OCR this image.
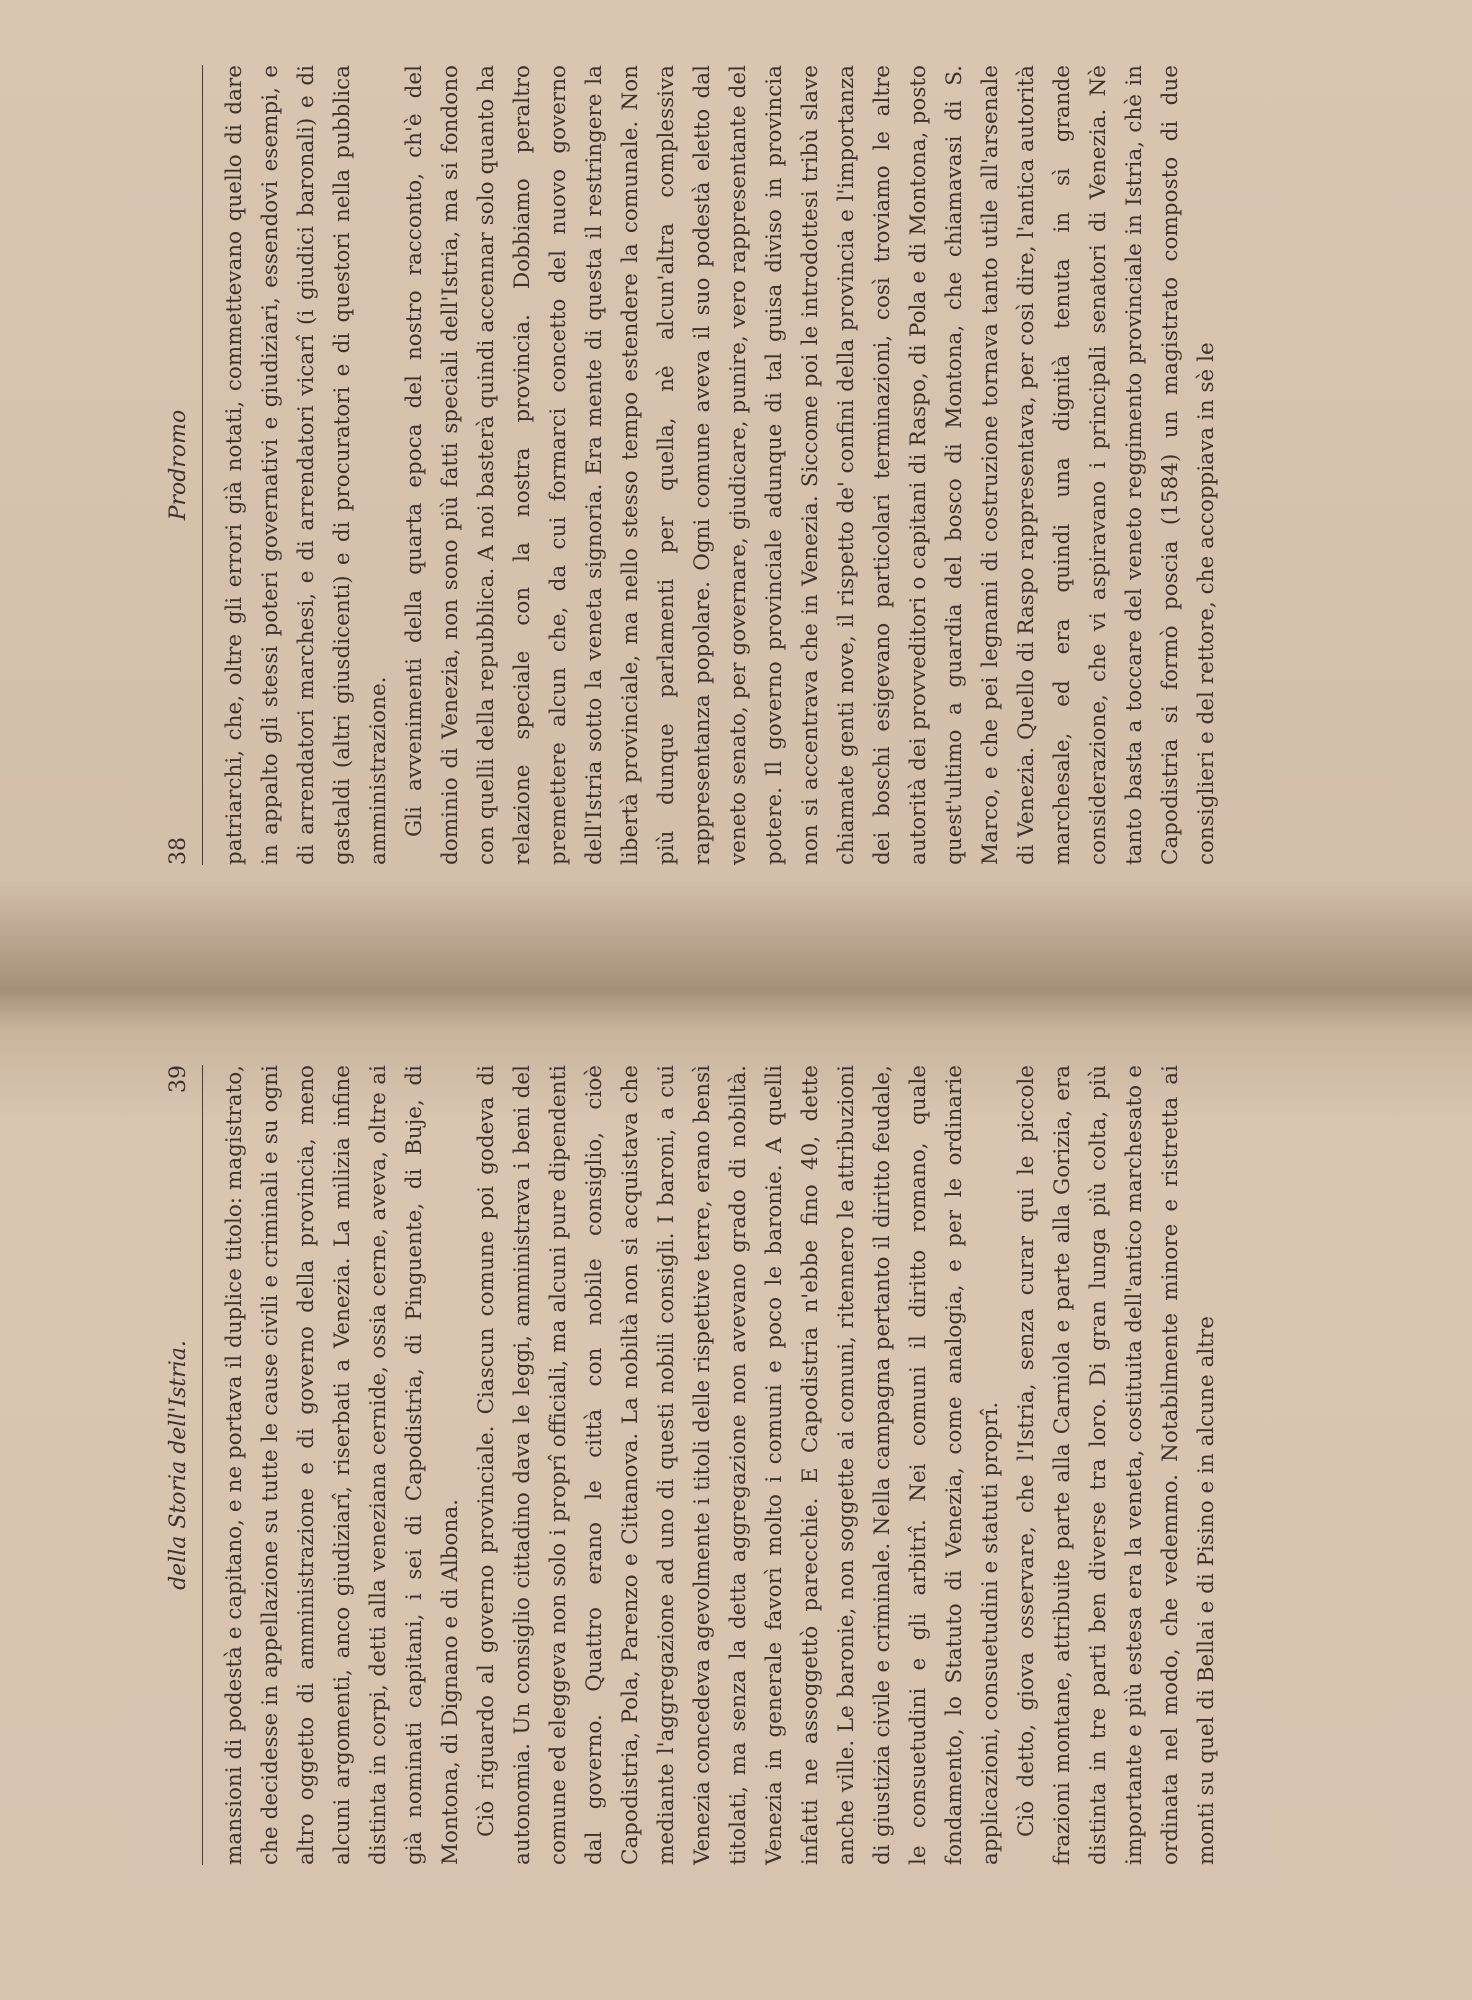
38
Prodromo patriarchi, che, oltre gli errori già notati, commettevano quello di dare in appalto gli stessi poteri governativi e giudiziari, essendovi esempi, e di arrendatori marchesi, e di arrendatori vicarî (i giudici baronali) e di gastaldi (altri giusdicenti) e di procuratori e di questori nella pubblica amministrazione. Gli avvenimenti della quarta epoca del nostro racconto, ch'è del dominio di Venezia, non sono più fatti speciali dell'Istria, ma si fondono con quelli della repubblica. A noi basterà quindi accennar solo quanto ha relazione speciale con la nostra provincia. Dobbiamo peraltro premettere alcun che, da cui formarci concetto del nuovo governo dell'Istria sotto la veneta signoria. Era mente di questa il restringere la libertà provinciale, ma nello stesso tempo estendere la comunale. Non più dunque parlamenti per quella, nè alcun'altra complessiva rappresentanza popolare. Ogni comune aveva il suo podestà eletto dal veneto senato, per governare, giudicare, punire, vero rappresentante del potere. Il governo provinciale adunque di tal guisa diviso in provincia non si accentrava che in Venezia. Siccome poi le introdottesi tribù slave chiamate genti nove, il rispetto de' confini della provincia e l'importanza dei boschi esigevano particolari terminazioni, così troviamo le altre autorità dei provveditori o capitani di Raspo, di Pola e di Montona, posto quest'ultimo a guardia del bosco di Montona, che chiamavasi di S. Marco, e che pei legnami di costruzione tornava tanto utile all'arsenale di Venezia. Quello di Raspo rappresentava, per così dire, l'antica autorità marchesale, ed era quindi una dignità tenuta in sì grande considerazione, che vi aspiravano i principali senatori di Venezia. Nè tanto basta a toccare del veneto reggimento provinciale in Istria, chè in Capodistria si formò poscia (1584) un magistrato composto di due consiglieri e del rettore, che accoppiava in sè le

della Storia dell'Istria.
39 mansioni di podestà e capitano, e ne portava il duplice titolo: magistrato, che decidesse in appellazione su tutte le cause civili e criminali e su ogni altro oggetto di amministrazione e di governo della provincia, meno alcuni argomenti, anco giudiziarî, riserbati a Venezia. La milizia infine distinta in corpi, detti alla veneziana cernide, ossia cerne, aveva, oltre ai già nominati capitani, i sei di Capodistria, di Pinguente, di Buje, di Montona, di Dignano e di Albona. Ciò riguardo al governo provinciale. Ciascun comune poi godeva di autonomia. Un consiglio cittadino dava le leggi, amministrava i beni del comune ed eleggeva non solo i proprî officiali, ma alcuni pure dipendenti dal governo. Quattro erano le città con nobile consiglio, cioè Capodistria, Pola, Parenzo e Cittanova. La nobiltà non si acquistava che mediante l'aggregazione ad uno di questi nobili consigli. I baroni, a cui Venezia concedeva agevolmente i titoli delle rispettive terre, erano bensì titolati, ma senza la detta aggregazione non avevano grado di nobiltà. Venezia in generale favorì molto i comuni e poco le baronie. A quelli infatti ne assoggettò parecchie. E Capodistria n'ebbe fino 40, dette anche ville. Le baronie, non soggette ai comuni, ritennero le attribuzioni di giustizia civile e criminale. Nella campagna pertanto il diritto feudale, le consuetudini e gli arbitrî. Nei comuni il diritto romano, quale fondamento, lo Statuto di Venezia, come analogia, e per le ordinarie applicazioni, consuetudini e statuti proprî. Ciò detto, giova osservare, che l'Istria, senza curar qui le piccole frazioni montane, attribuite parte alla Carniola e parte alla Gorizia, era distinta in tre parti ben diverse tra loro. Di gran lunga più colta, più importante e più estesa era la veneta, costituita dell'antico marchesato e ordinata nel modo, che vedemmo. Notabilmente minore e ristretta ai monti su quel di Bellai e di Pisino e in alcune altre
